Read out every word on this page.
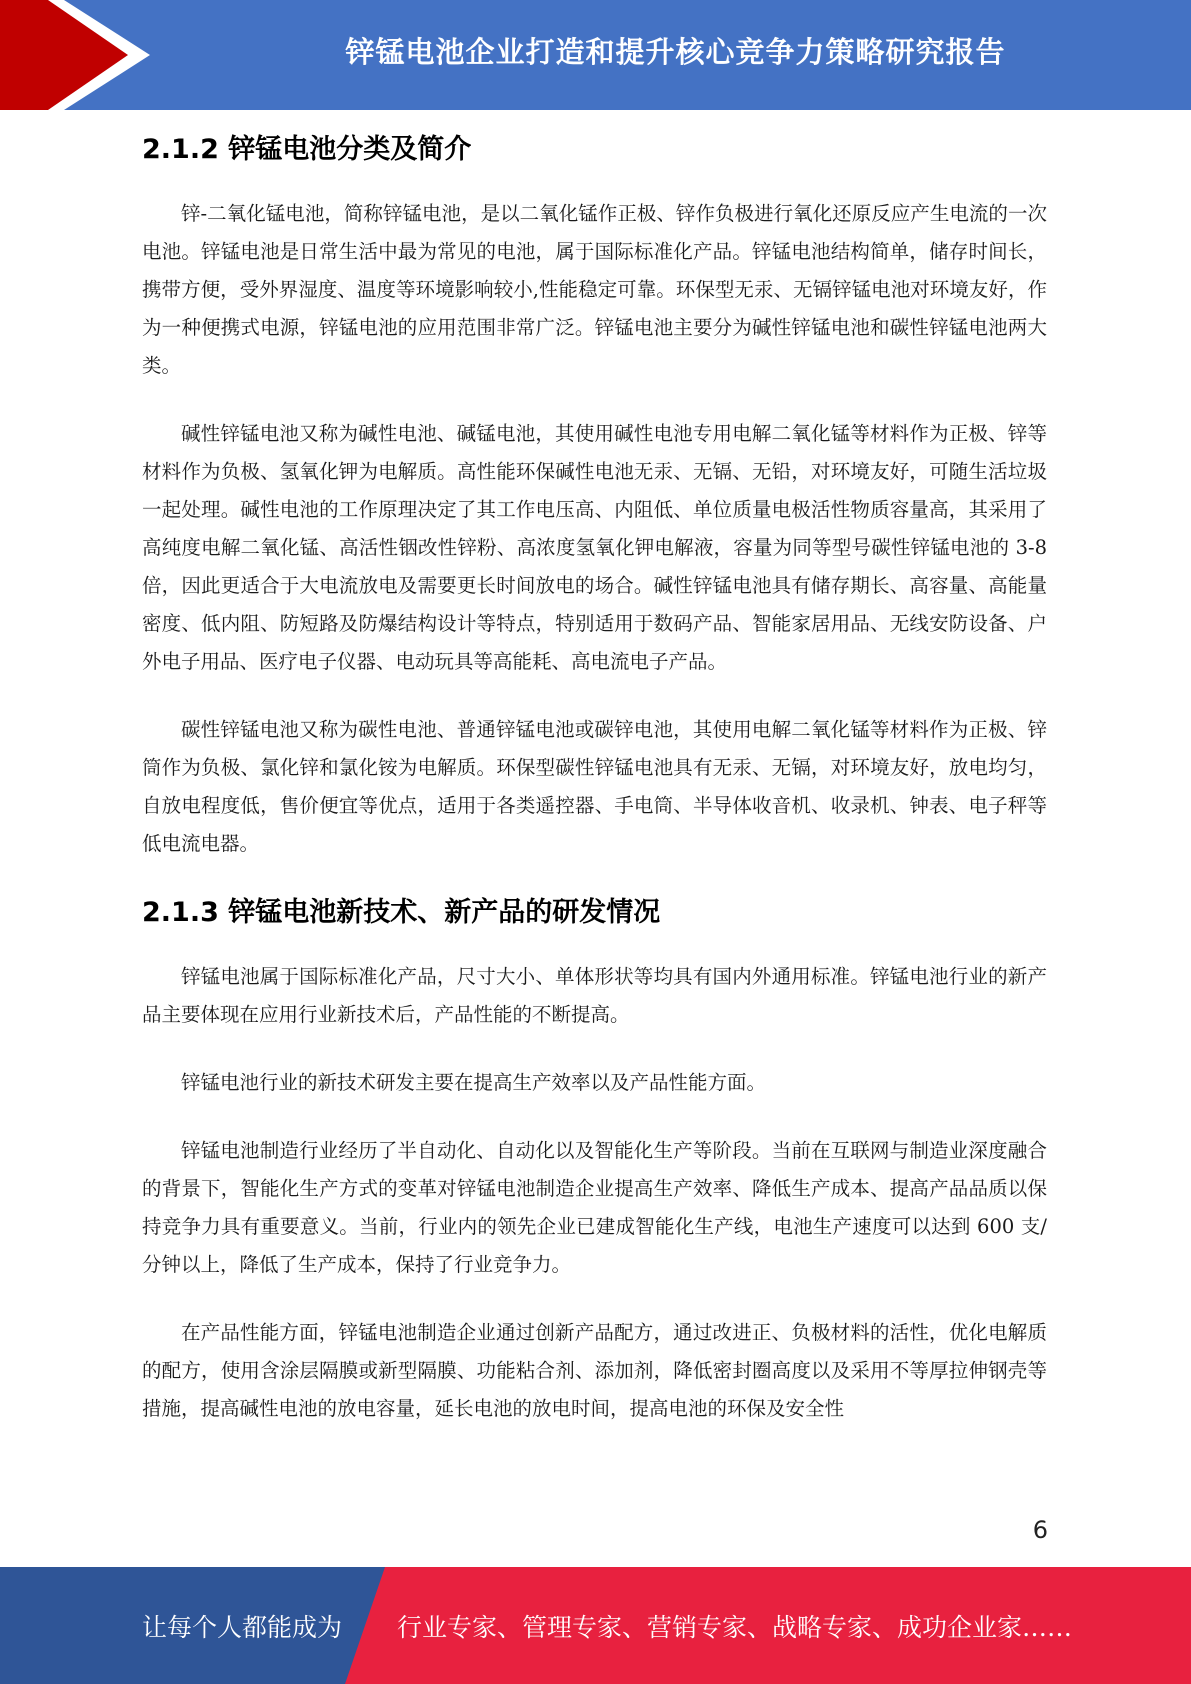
锌锰电池企业打造和提升核心竞争力策略研究报告
2.1.2 锌锰电池分类及简介

锌-二氧化锰电池，简称锌锰电池，是以二氧化锰作正极、锌作负极进行氧化还原反应产生电流的一次电池。锌锰电池是日常生活中最为常见的电池，属于国际标准化产品。锌锰电池结构简单，储存时间长，携带方便，受外界湿度、温度等环境影响较小,性能稳定可靠。环保型无汞、无镉锌锰电池对环境友好，作为一种便携式电源，锌锰电池的应用范围非常广泛。锌锰电池主要分为碱性锌锰电池和碳性锌锰电池两大类。

碱性锌锰电池又称为碱性电池、碱锰电池，其使用碱性电池专用电解二氧化锰等材料作为正极、锌等材料作为负极、氢氧化钾为电解质。高性能环保碱性电池无汞、无镉、无铅，对环境友好，可随生活垃圾一起处理。碱性电池的工作原理决定了其工作电压高、内阻低、单位质量电极活性物质容量高，其采用了高纯度电解二氧化锰、高活性铟改性锌粉、高浓度氢氧化钾电解液，容量为同等型号碳性锌锰电池的 3-8 倍，因此更适合于大电流放电及需要更长时间放电的场合。碱性锌锰电池具有储存期长、高容量、高能量密度、低内阻、防短路及防爆结构设计等特点，特别适用于数码产品、智能家居用品、无线安防设备、户外电子用品、医疗电子仪器、电动玩具等高能耗、高电流电子产品。

碳性锌锰电池又称为碳性电池、普通锌锰电池或碳锌电池，其使用电解二氧化锰等材料作为正极、锌筒作为负极、氯化锌和氯化铵为电解质。环保型碳性锌锰电池具有无汞、无镉，对环境友好，放电均匀，自放电程度低，售价便宜等优点，适用于各类遥控器、手电筒、半导体收音机、收录机、钟表、电子秤等低电流电器。

2.1.3 锌锰电池新技术、新产品的研发情况

锌锰电池属于国际标准化产品，尺寸大小、单体形状等均具有国内外通用标准。锌锰电池行业的新产品主要体现在应用行业新技术后，产品性能的不断提高。

锌锰电池行业的新技术研发主要在提高生产效率以及产品性能方面。

锌锰电池制造行业经历了半自动化、自动化以及智能化生产等阶段。当前在互联网与制造业深度融合的背景下，智能化生产方式的变革对锌锰电池制造企业提高生产效率、降低生产成本、提高产品品质以保持竞争力具有重要意义。当前，行业内的领先企业已建成智能化生产线，电池生产速度可以达到 600 支/分钟以上，降低了生产成本，保持了行业竞争力。

在产品性能方面，锌锰电池制造企业通过创新产品配方，通过改进正、负极材料的活性，优化电解质的配方，使用含涂层隔膜或新型隔膜、功能粘合剂、添加剂，降低密封圈高度以及采用不等厚拉伸钢壳等措施，提高碱性电池的放电容量，延长电池的放电时间，提高电池的环保及安全性

6
让每个人都能成为 行业专家、管理专家、营销专家、战略专家、成功企业家……
